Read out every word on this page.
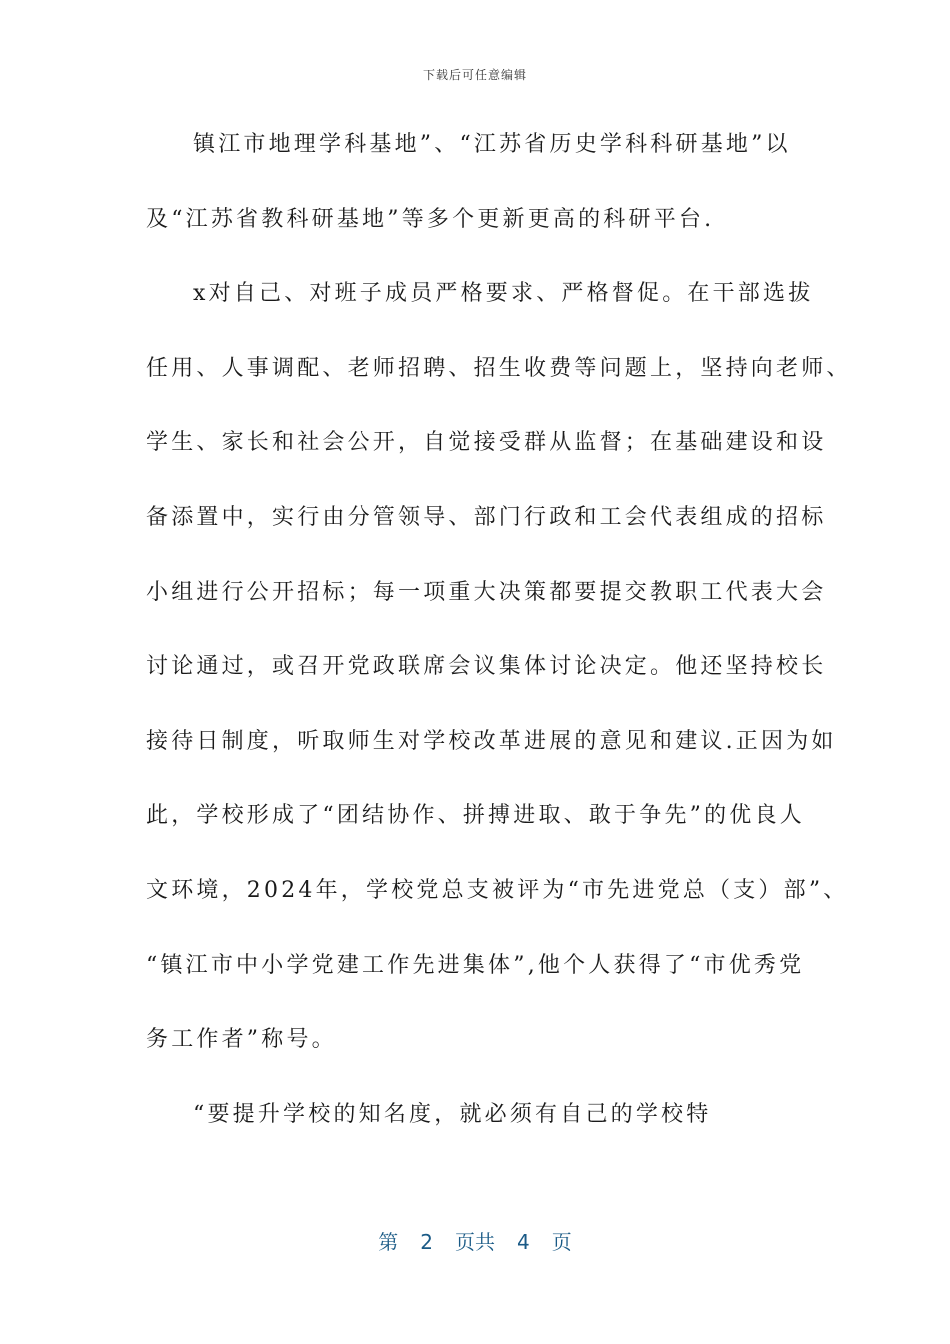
下载后可任意编辑
镇江市地理学科基地”、“江苏省历史学科科研基地”以
及“江苏省教科研基地”等多个更新更高的科研平台.
x对自己、对班子成员严格要求、严格督促。在干部选拔
任用、人事调配、老师招聘、招生收费等问题上，坚持向老师、
学生、家长和社会公开，自觉接受群从监督；在基础建设和设
备添置中，实行由分管领导、部门行政和工会代表组成的招标
小组进行公开招标；每一项重大决策都要提交教职工代表大会
讨论通过，或召开党政联席会议集体讨论决定。他还坚持校长
接待日制度，听取师生对学校改革进展的意见和建议.正因为如
此，学校形成了“团结协作、拼搏进取、敢于争先”的优良人
文环境，2024年，学校党总支被评为“市先进党总（支）部”、
“镇江市中小学党建工作先进集体”,他个人获得了“市优秀党
务工作者”称号。
“要提升学校的知名度，就必须有自己的学校特
第 2 页共 4 页
